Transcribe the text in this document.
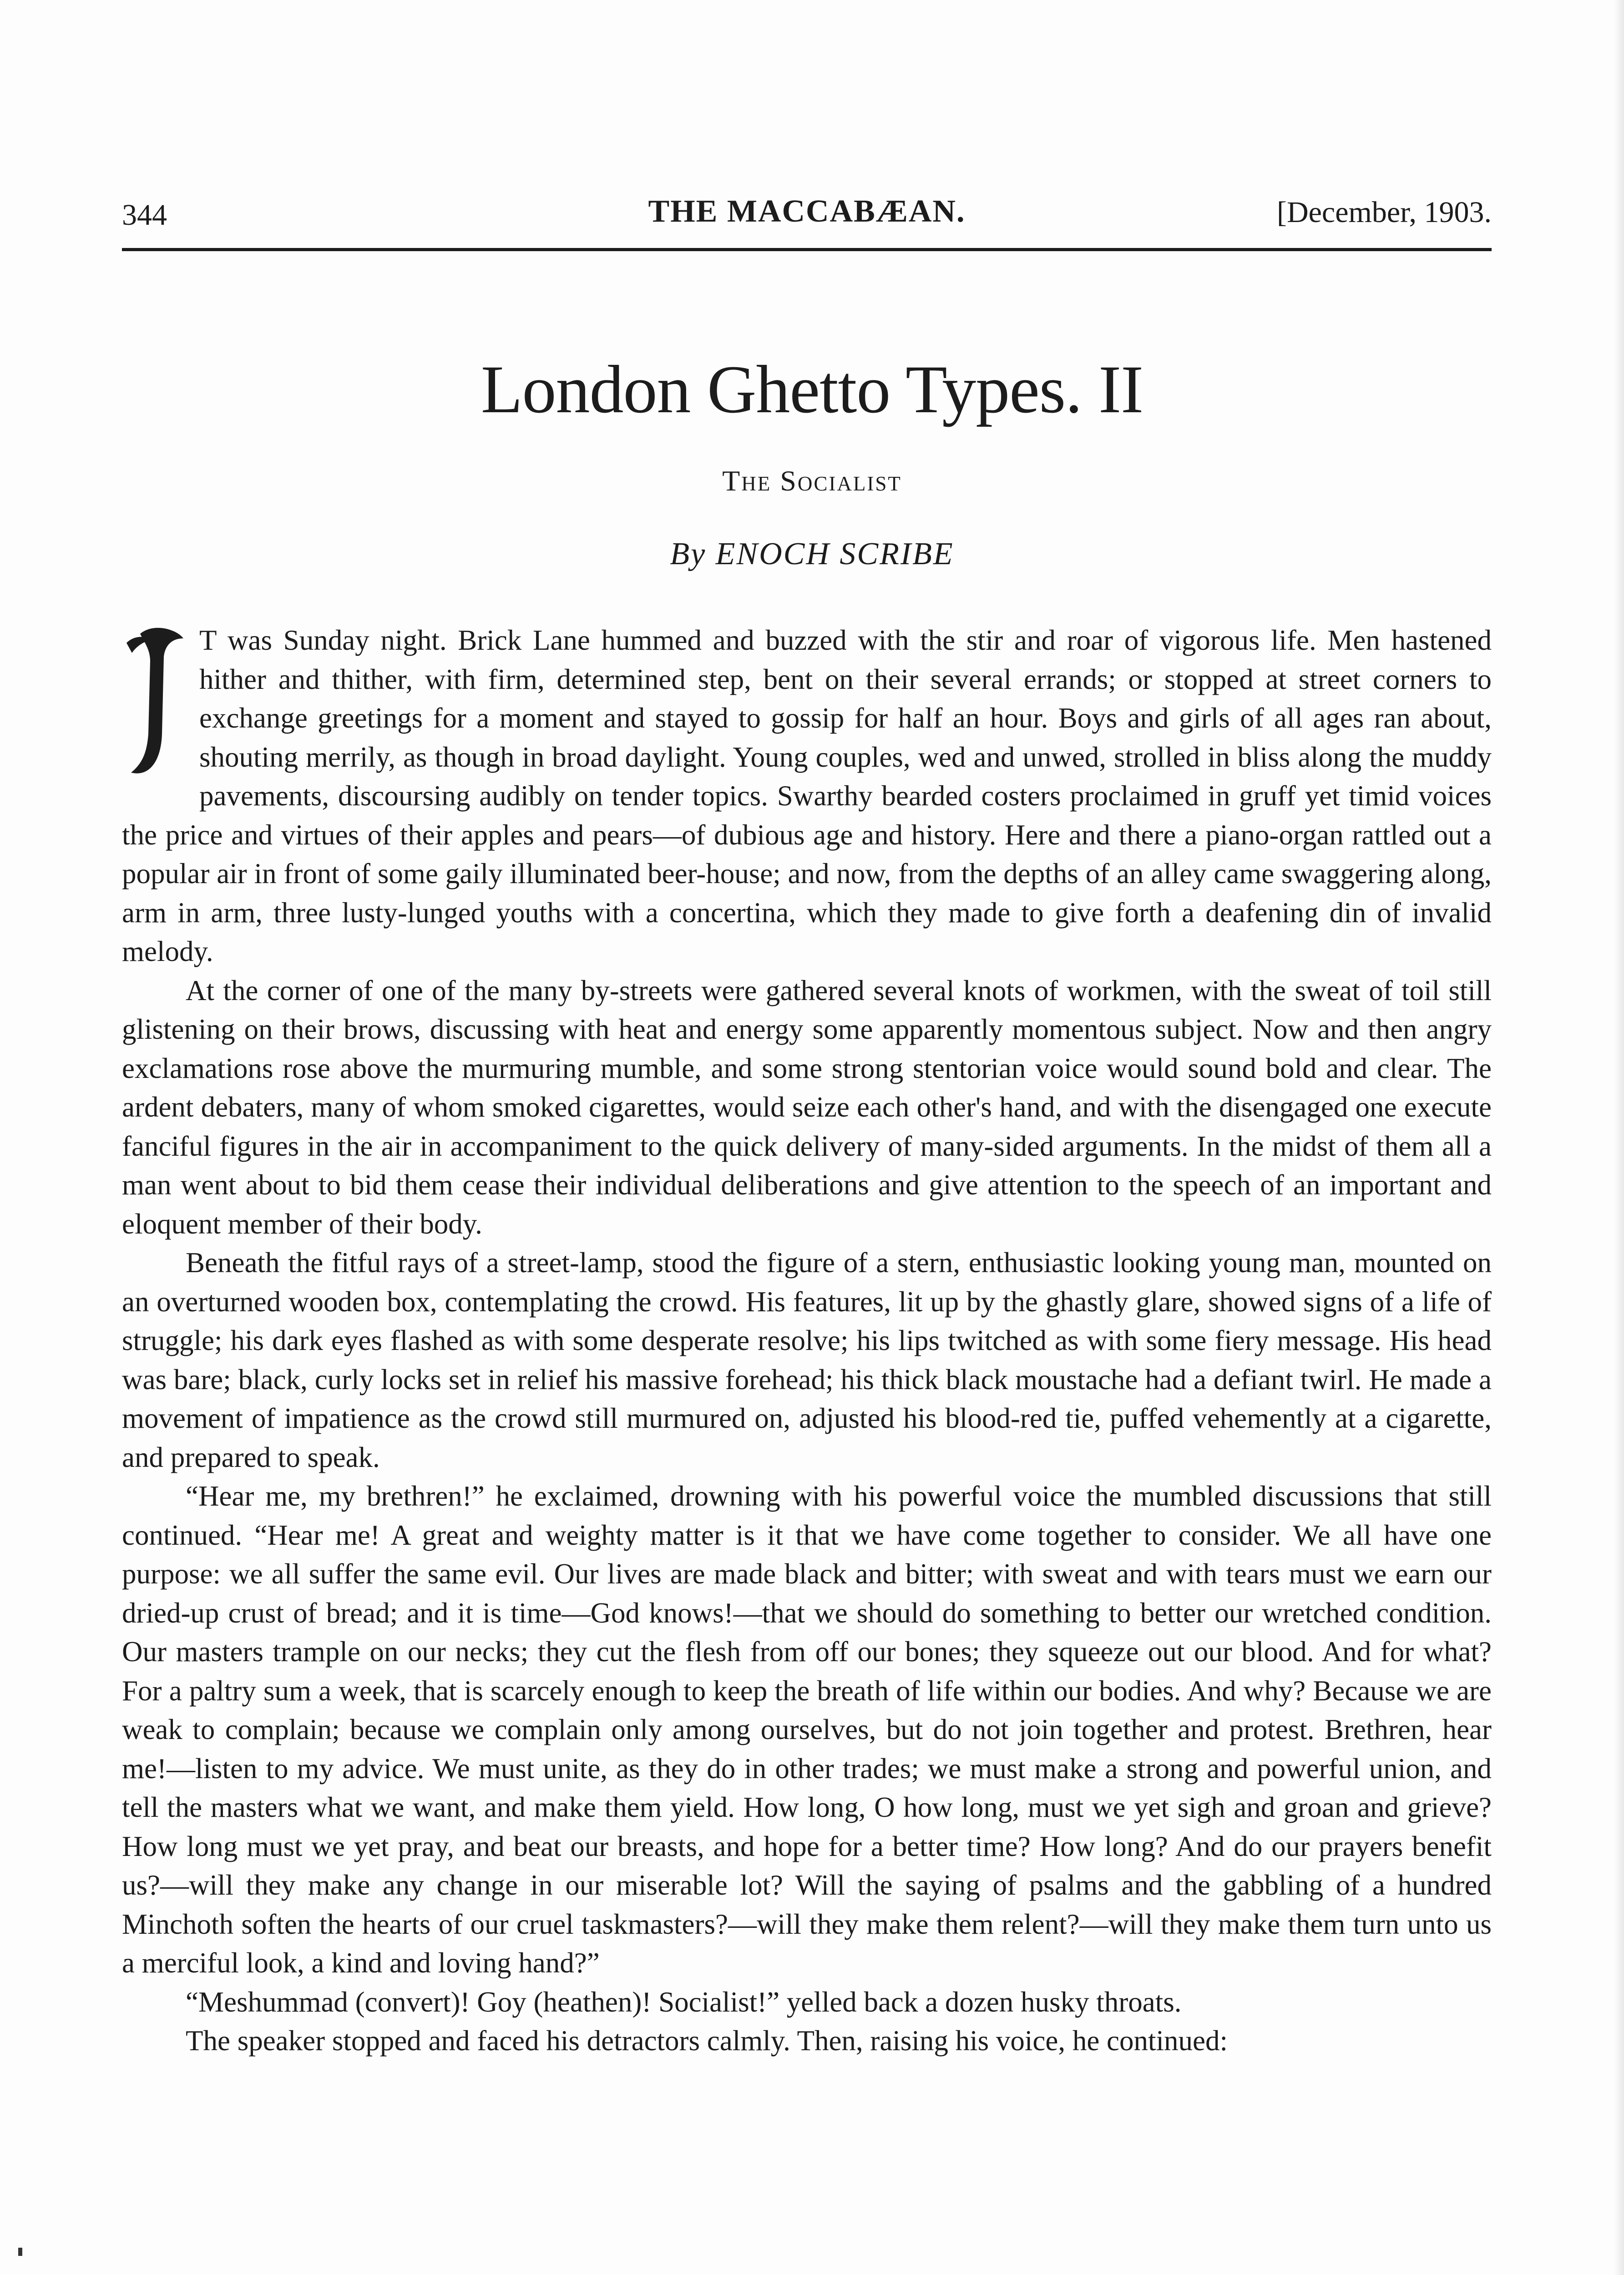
344	THE MACCABÆAN.	[December, 1903.
London Ghetto Types. II
The Socialist
By ENOCH SCRIBE

T was Sunday night. Brick Lane hummed and buzzed with the stir and roar of vigorous life. Men hastened hither and thither, with firm, determined step, bent on their several errands; or stopped at street corners to exchange greetings for a moment and stayed to gossip for half an hour. Boys and girls of all ages ran about, shouting merrily, as though in broad daylight. Young couples, wed and unwed, strolled in bliss along the muddy pavements, discoursing audibly on tender topics. Swarthy bearded costers proclaimed in gruff yet timid voices the price and virtues of their apples and pears—of dubious age and history. Here and there a piano-organ rattled out a popular air in front of some gaily illuminated beer-house; and now, from the depths of an alley came swaggering along, arm in arm, three lusty-lunged youths with a concertina, which they made to give forth a deafening din of invalid melody.

At the corner of one of the many by-streets were gathered several knots of workmen, with the sweat of toil still glistening on their brows, discussing with heat and energy some apparently momentous subject. Now and then angry exclamations rose above the murmuring mumble, and some strong stentorian voice would sound bold and clear. The ardent debaters, many of whom smoked cigarettes, would seize each other's hand, and with the disengaged one execute fanciful figures in the air in accompaniment to the quick delivery of many-sided arguments. In the midst of them all a man went about to bid them cease their individual deliberations and give attention to the speech of an important and eloquent member of their body.

Beneath the fitful rays of a street-lamp, stood the figure of a stern, enthusiastic looking young man, mounted on an overturned wooden box, contemplating the crowd. His features, lit up by the ghastly glare, showed signs of a life of struggle; his dark eyes flashed as with some desperate resolve; his lips twitched as with some fiery message. His head was bare; black, curly locks set in relief his massive forehead; his thick black moustache had a defiant twirl. He made a movement of impatience as the crowd still murmured on, adjusted his blood-red tie, puffed vehemently at a cigarette, and prepared to speak.

“Hear me, my brethren!” he exclaimed, drowning with his powerful voice the mumbled discussions that still continued. “Hear me! A great and weighty matter is it that we have come together to consider. We all have one purpose: we all suffer the same evil. Our lives are made black and bitter; with sweat and with tears must we earn our dried-up crust of bread; and it is time—God knows!—that we should do something to better our wretched condition. Our masters trample on our necks; they cut the flesh from off our bones; they squeeze out our blood. And for what? For a paltry sum a week, that is scarcely enough to keep the breath of life within our bodies. And why? Because we are weak to complain; because we complain only among ourselves, but do not join together and protest. Brethren, hear me!—listen to my advice. We must unite, as they do in other trades; we must make a strong and powerful union, and tell the masters what we want, and make them yield. How long, O how long, must we yet sigh and groan and grieve? How long must we yet pray, and beat our breasts, and hope for a better time? How long? And do our prayers benefit us?—will they make any change in our miserable lot? Will the saying of psalms and the gabbling of a hundred Minchoth soften the hearts of our cruel taskmasters?—will they make them relent?—will they make them turn unto us a merciful look, a kind and loving hand?”

“Meshummad (convert)! Goy (heathen)! Socialist!” yelled back a dozen husky throats.

The speaker stopped and faced his detractors calmly. Then, raising his voice, he continued:
